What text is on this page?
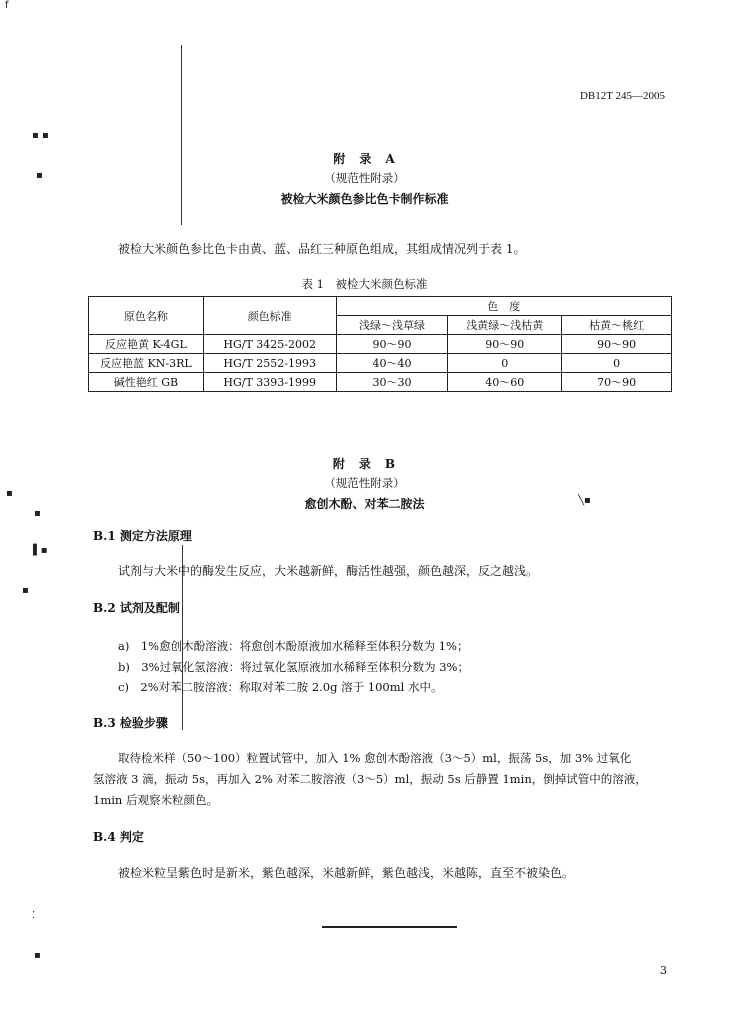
f
▪ ▪
▪
▪
▪
▌▪
▪
╲▪
⁚
▪
DB12T 245—2005
附　录　A
（规范性附录）
被检大米颜色参比色卡制作标准
被检大米颜色参比色卡由黄、蓝、品红三种原色组成，其组成情况列于表 1。
表 1　被检大米颜色标准
原色名称	颜色标准	色　度		
		浅绿～浅草绿	浅黄绿～浅枯黄	枯黄～桃红
反应艳黄 K-4GL	HG/T 3425-2002	90～90	90～90	90～90
反应艳蓝 KN-3RL	HG/T 2552-1993	40～40	0	0
碱性艳红 GB	HG/T 3393-1999	30～30	40～60	70～90
附　录　B
（规范性附录）
愈创木酚、对苯二胺法
B.1 测定方法原理
试剂与大米中的酶发生反应，大米越新鲜，酶活性越强，颜色越深，反之越浅。
B.2 试剂及配制
a)　1%愈创木酚溶液：将愈创木酚原液加水稀释至体积分数为 1%；
b)　3%过氧化氢溶液：将过氧化氢原液加水稀释至体积分数为 3%；
c)　2%对苯二胺溶液：称取对苯二胺 2.0g 溶于 100ml 水中。
B.3 检验步骤
取待检米样（50～100）粒置试管中，加入 1% 愈创木酚溶液（3～5）ml，振荡 5s，加 3% 过氧化
氢溶液 3 滴，振动 5s，再加入 2% 对苯二胺溶液（3～5）ml，振动 5s 后静置 1min，倒掉试管中的溶液，
1min 后观察米粒颜色。
B.4 判定
被检米粒呈紫色时是新米，紫色越深，米越新鲜，紫色越浅，米越陈，直至不被染色。
3
